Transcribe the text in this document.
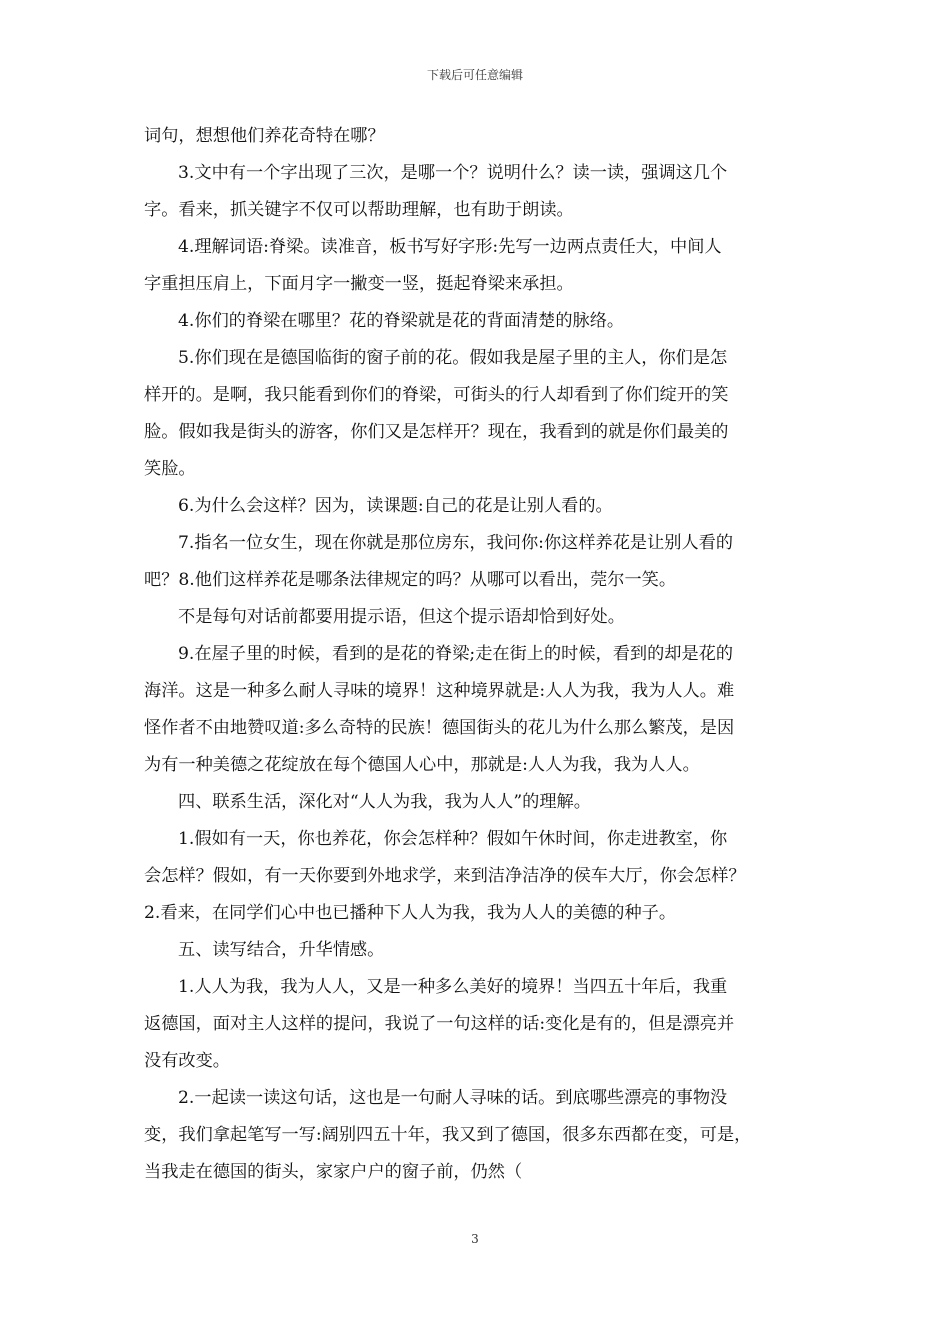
下载后可任意编辑

词句，想想他们养花奇特在哪？

3.文中有一个字出现了三次，是哪一个？说明什么？读一读，强调这几个

字。看来，抓关键字不仅可以帮助理解，也有助于朗读。

4.理解词语:脊梁。读准音，板书写好字形:先写一边两点责任大，中间人

字重担压肩上，下面月字一撇变一竖，挺起脊梁来承担。

4.你们的脊梁在哪里？花的脊梁就是花的背面清楚的脉络。

5.你们现在是德国临街的窗子前的花。假如我是屋子里的主人，你们是怎

样开的。是啊，我只能看到你们的脊梁，可街头的行人却看到了你们绽开的笑

脸。假如我是街头的游客，你们又是怎样开？现在，我看到的就是你们最美的

笑脸。

6.为什么会这样？因为，读课题:自己的花是让别人看的。

7.指名一位女生，现在你就是那位房东，我问你:你这样养花是让别人看的

吧？8.他们这样养花是哪条法律规定的吗？从哪可以看出，莞尔一笑。

不是每句对话前都要用提示语，但这个提示语却恰到好处。

9.在屋子里的时候，看到的是花的脊梁;走在街上的时候，看到的却是花的

海洋。这是一种多么耐人寻味的境界！这种境界就是:人人为我，我为人人。难

怪作者不由地赞叹道:多么奇特的民族！德国街头的花儿为什么那么繁茂，是因

为有一种美德之花绽放在每个德国人心中，那就是:人人为我，我为人人。

四、联系生活，深化对“人人为我，我为人人”的理解。

1.假如有一天，你也养花，你会怎样种？假如午休时间，你走进教室，你

会怎样？假如，有一天你要到外地求学，来到洁净洁净的侯车大厅，你会怎样？

2.看来，在同学们心中也已播种下人人为我，我为人人的美德的种子。

五、读写结合，升华情感。

1.人人为我，我为人人，又是一种多么美好的境界！当四五十年后，我重

返德国，面对主人这样的提问，我说了一句这样的话:变化是有的，但是漂亮并

没有改变。

2.一起读一读这句话，这也是一句耐人寻味的话。到底哪些漂亮的事物没

变，我们拿起笔写一写:阔别四五十年，我又到了德国，很多东西都在变，可是，

当我走在德国的街头，家家户户的窗子前，仍然（

3
